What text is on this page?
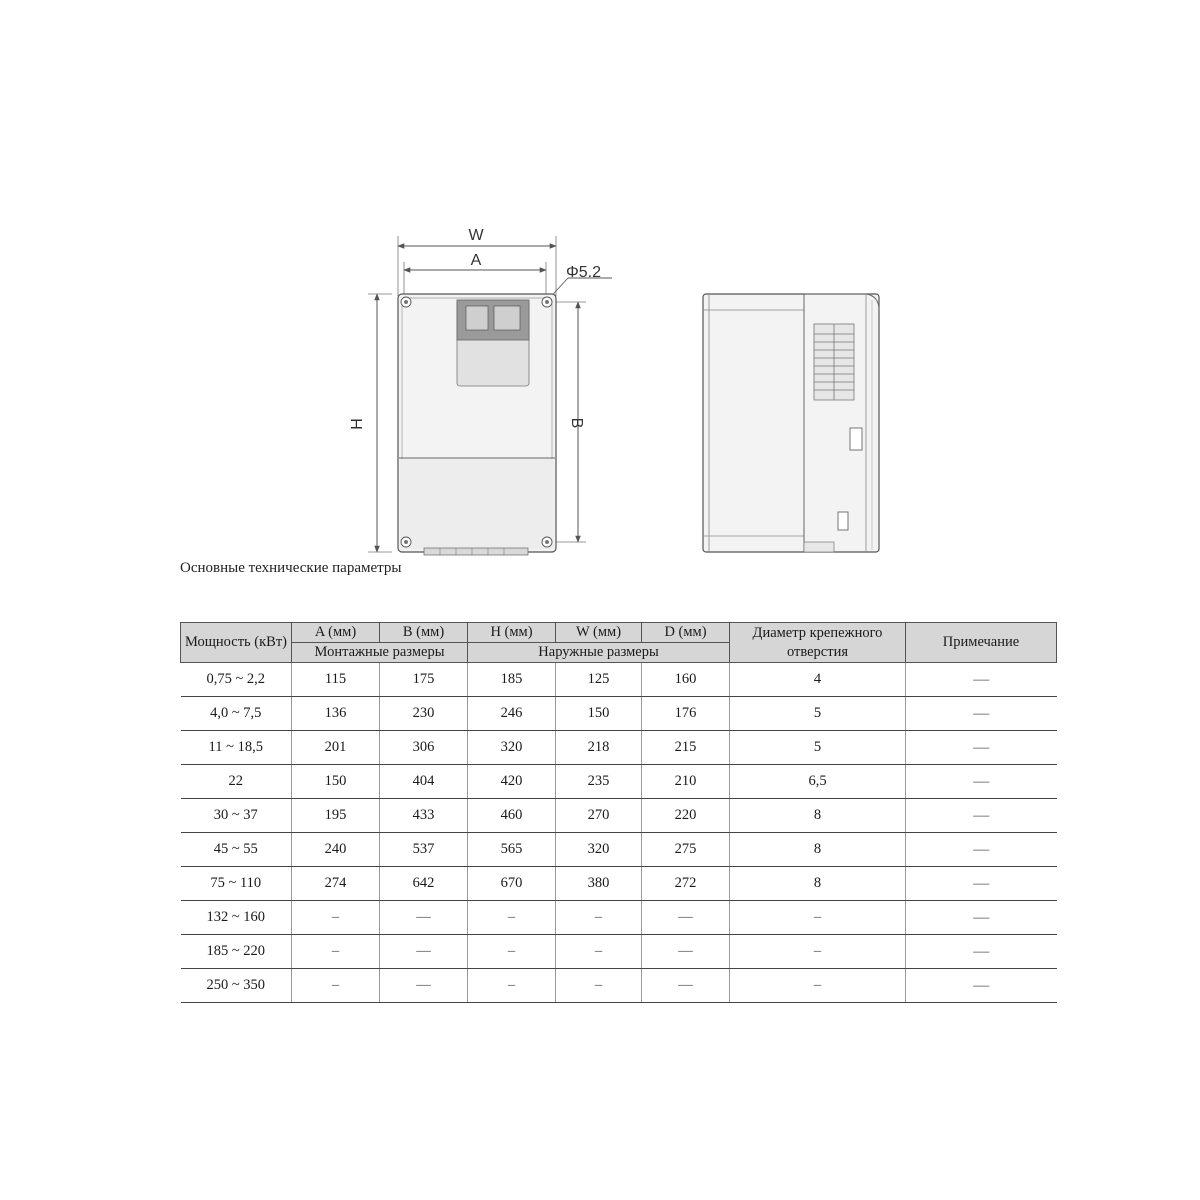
W
A
H	B
Φ5.2
Основные технические параметры
Мощность (кВт)	A (мм)	B (мм)	H (мм)	W (мм)	D (мм)	Диаметр крепежного отверстия	Примечание
	Монтажные размеры		Наружные размеры				
0,75 ~ 2,2	115	175	185	125	160	4	—
4,0 ~ 7,5	136	230	246	150	176	5	—
11 ~ 18,5	201	306	320	218	215	5	—
22	150	404	420	235	210	6,5	—
30 ~ 37	195	433	460	270	220	8	—
45 ~ 55	240	537	565	320	275	8	—
75 ~ 110	274	642	670	380	272	8	—
132 ~ 160	–	—	–	–	—	–	—
185 ~ 220	–	—	–	–	—	–	—
250 ~ 350	–	—	–	–	—	–	—
